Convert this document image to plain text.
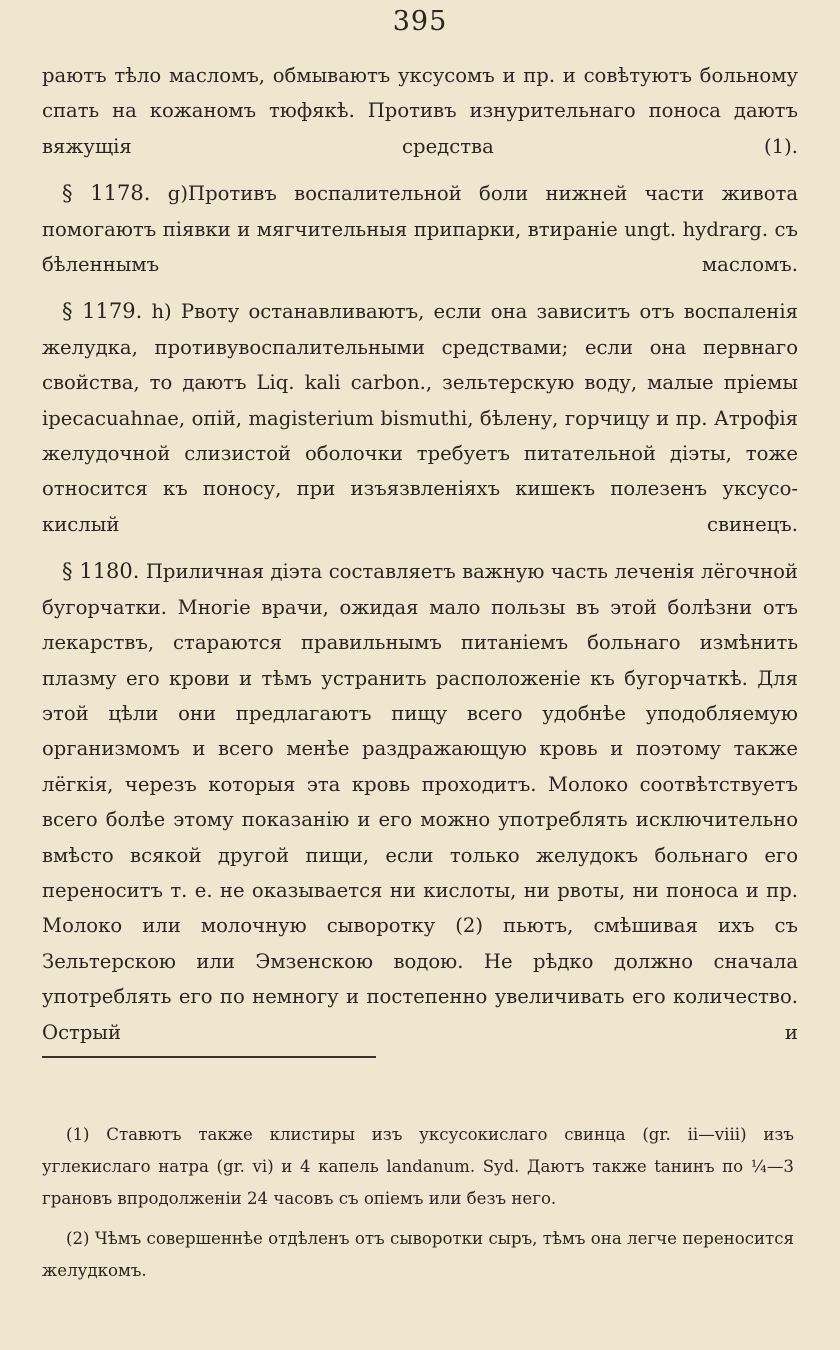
395

раютъ тѣло масломъ, обмываютъ уксусомъ и пр. и совѣтуютъ больному спать на кожаномъ тюфякѣ. Противъ изнурительнаго поноса даютъ вяжущія средства (1).

§ 1178. g)Противъ воспалительной боли нижней части живота помогаютъ піявки и мягчительныя припарки, втираніе ungt. hydrarg. съ бѣленнымъ масломъ.

§ 1179. h) Рвоту останавливаютъ, если она зависитъ отъ воспаленія желудка, противувоспалительными средствами; если она первнаго свойства, то даютъ Liq. kali carbon., зельтерскую воду, малые пріемы ipecacuahnae, опій, magisterium bismuthi, бѣлену, горчицу и пр. Атрофія желудочной слизистой оболочки требуетъ питательной діэты, тоже относится къ поносу, при изъязвленіяхъ кишекъ полезенъ уксусо-кислый свинецъ.

§ 1180. Приличная діэта составляетъ важную часть леченія лёгочной бугорчатки. Многіе врачи, ожидая мало пользы въ этой болѣзни отъ лекарствъ, стараются правильнымъ питаніемъ больнаго измѣнить плазму его крови и тѣмъ устранить расположеніе къ бугорчаткѣ. Для этой цѣли они предлагаютъ пищу всего удобнѣе уподобляемую организмомъ и всего менѣе раздражающую кровь и поэтому также лёгкія, черезъ которыя эта кровь проходитъ. Молоко соотвѣтствуетъ всего болѣе этому показанію и его можно употреблять исключительно вмѣсто всякой другой пищи, если только желудокъ больнаго его переноситъ т. е. не оказывается ни кислоты, ни рвоты, ни поноса и пр. Молоко или молочную сыворотку (2) пьютъ, смѣшивая ихъ съ Зельтерскою или Эмзенскою водою. Не рѣдко должно сначала употреблять его по немногу и постепенно увеличивать его количество. Острый и

(1) Ставютъ также клистиры изъ уксусокислаго свинца (gr. ii—viii) изъ углекислаго натра (gr. vi) и 4 капель landanum. Syd. Даютъ также taнинъ по ¼—3 грановъ впродолженіи 24 часовъ съ опіемъ или безъ него.

(2) Чѣмъ совершеннѣе отдѣленъ отъ сыворотки сыръ, тѣмъ она легче переносится желудкомъ.
